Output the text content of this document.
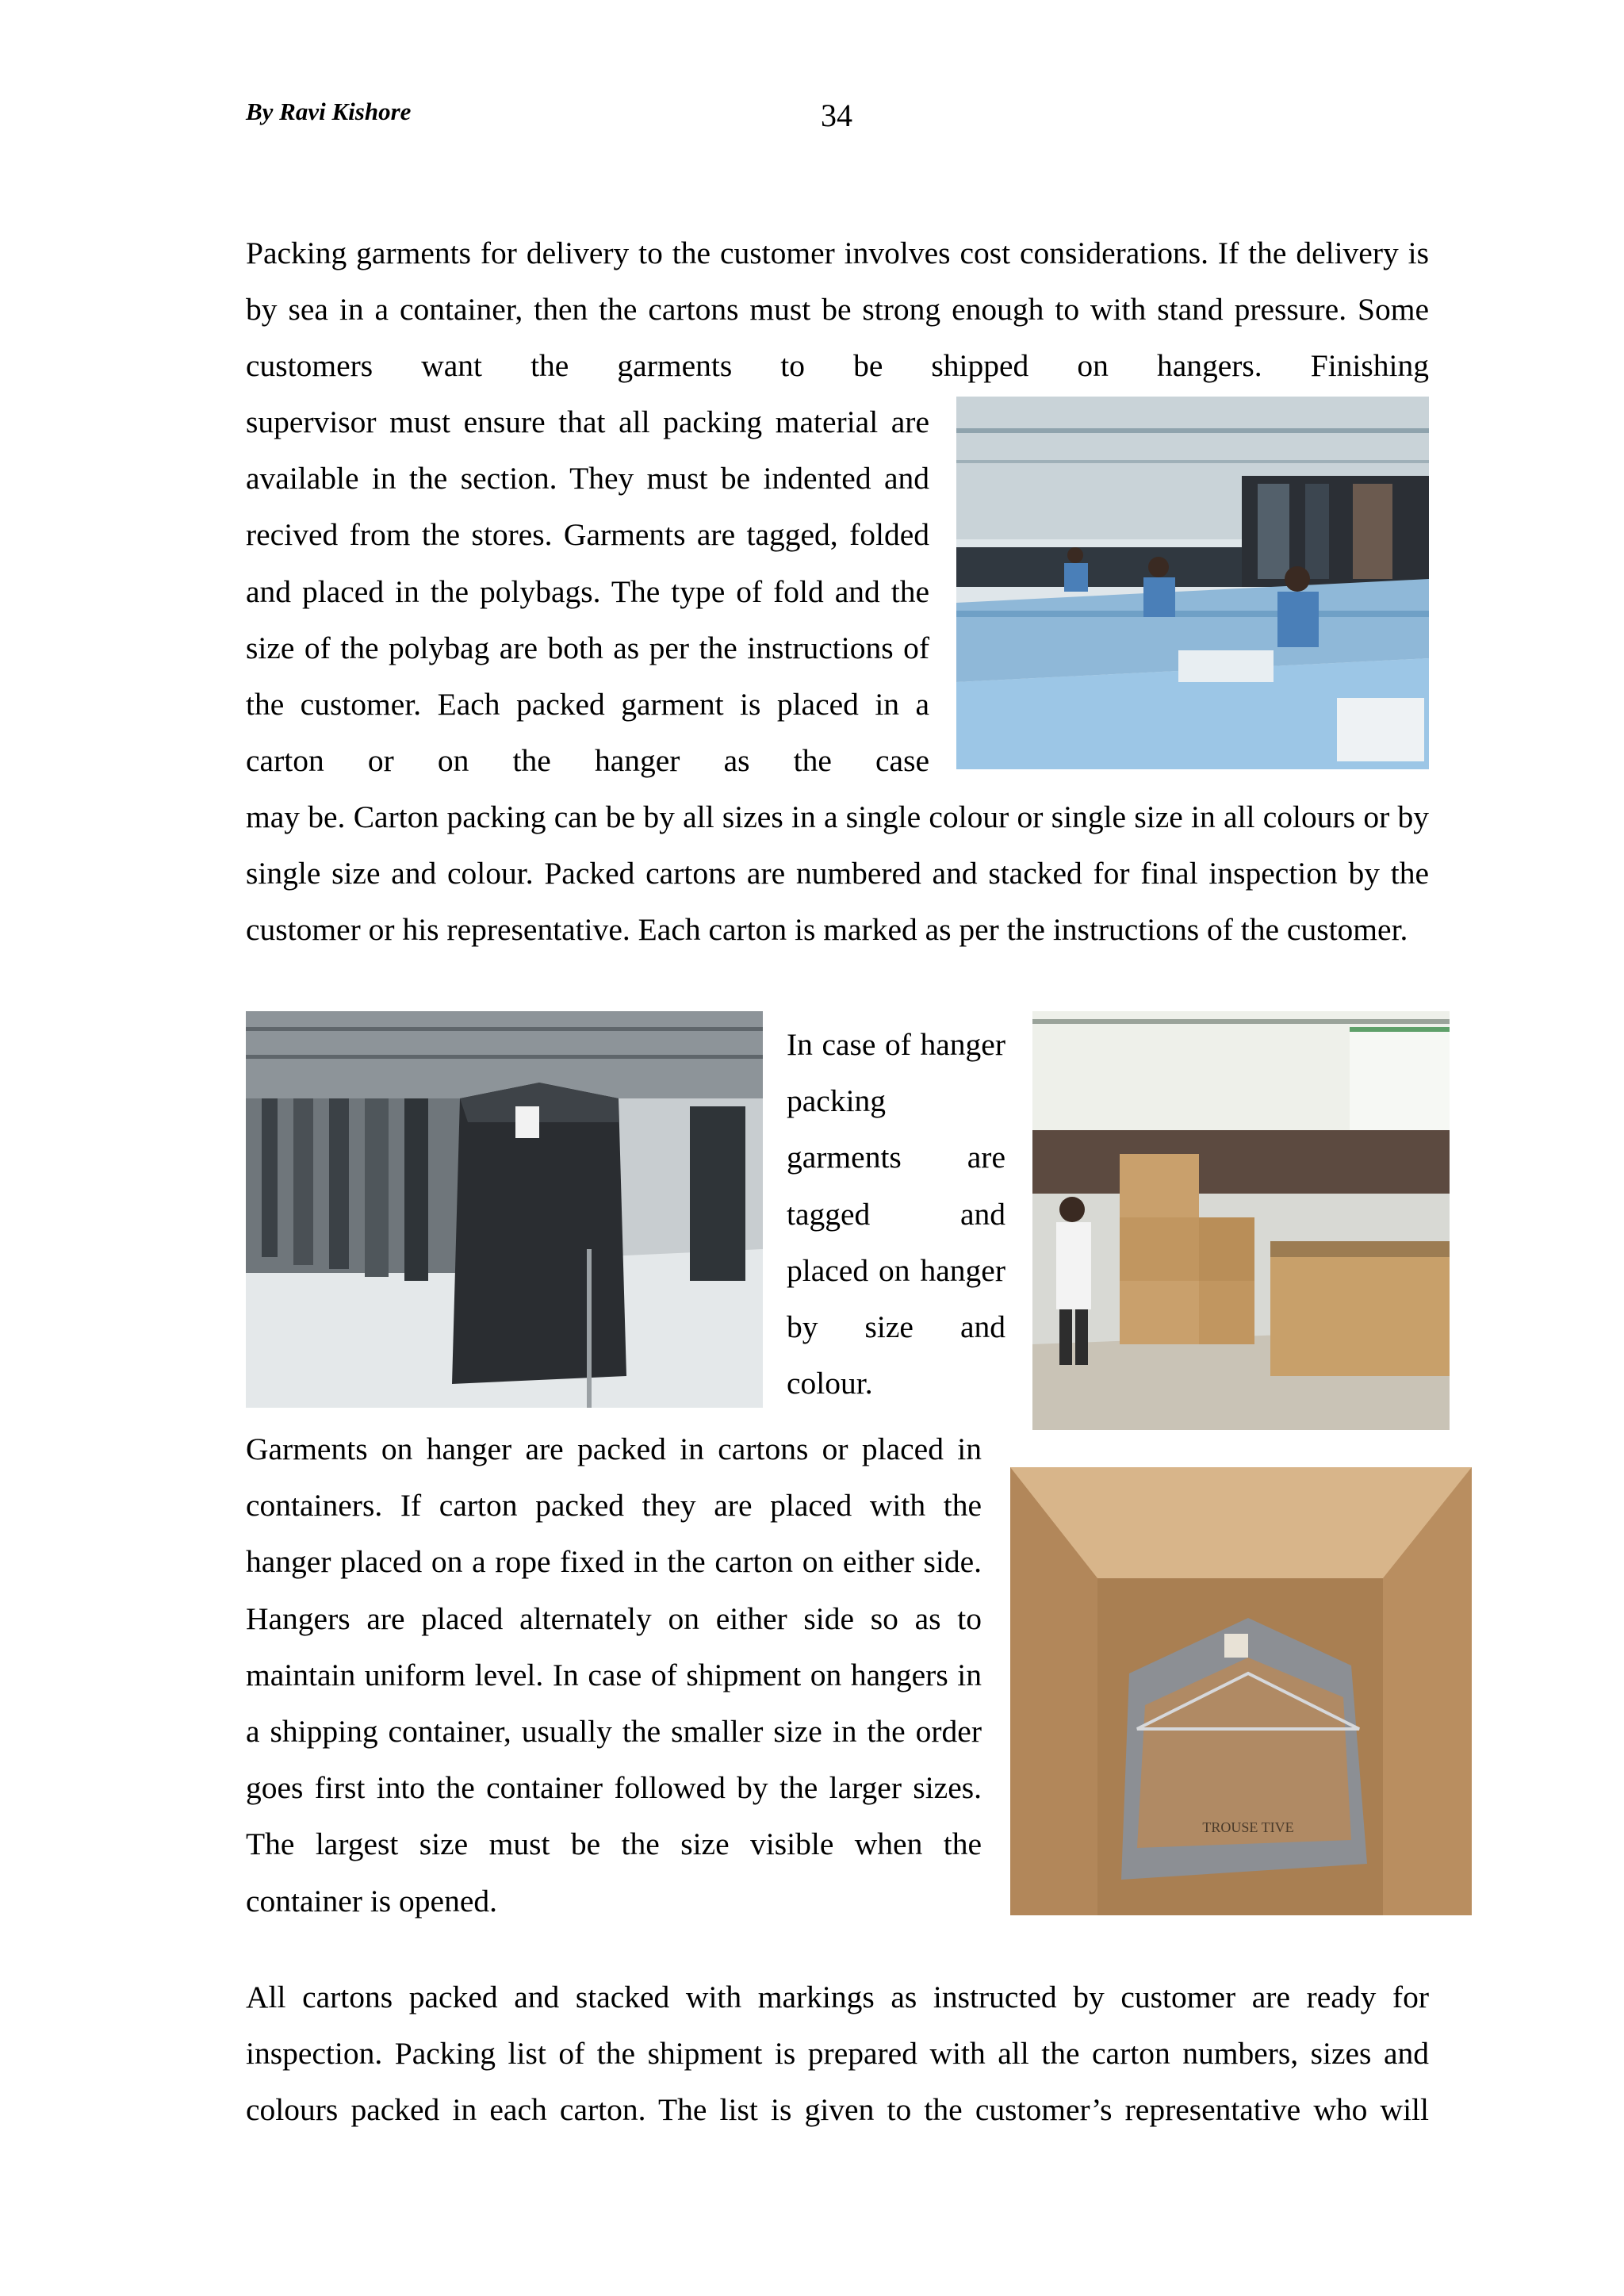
By Ravi Kishore	34

Packing garments for delivery to the customer involves cost considerations. If the delivery is by sea in a container, then the cartons must be strong enough to with stand pressure. Some customers want the garments to be shipped on hangers. Finishing

supervisor must ensure that all packing material are available in the section. They must be indented and recived from the stores. Garments are tagged, folded and placed in the polybags. The type of fold and the size of the polybag are both as per the instructions of the customer. Each packed garment is placed in a carton or on the hanger as the case

may be. Carton packing can be by all sizes in a single colour or single size in all colours or by single size and colour. Packed cartons are numbered and stacked for final inspection by the customer or his representative. Each carton is marked as per the instructions of the customer.

In case of hanger packing garments are tagged and placed on hanger by size and colour.

Garments on hanger are packed in cartons or placed in containers. If carton packed they are placed with the hanger placed on a rope fixed in the carton on either side. Hangers are placed alternately on either side so as to maintain uniform level. In case of shipment on hangers in a shipping container, usually the smaller size in the order goes first into the container followed by the larger sizes. The largest size must be the size visible when the container is opened.

TROUSE TIVE

All cartons packed and stacked with markings as instructed by customer are ready for inspection. Packing list of the shipment is prepared with all the carton numbers, sizes and colours packed in each carton. The list is given to the customer’s representative who will
